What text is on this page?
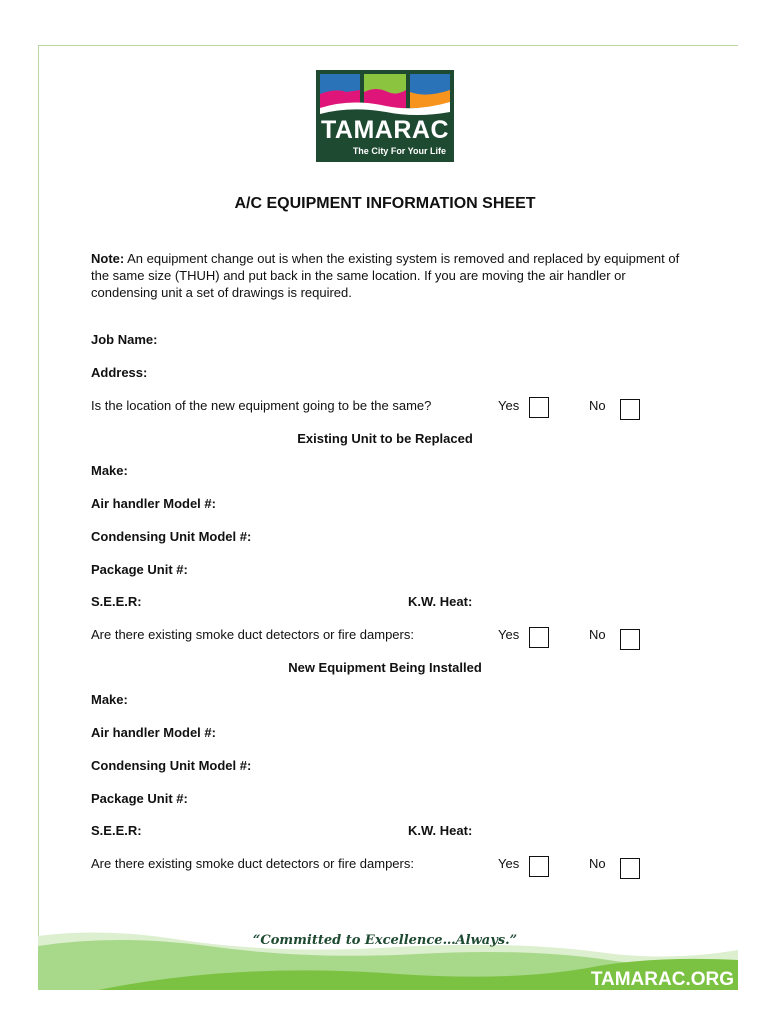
TAMARAC
The City For Your Life
A/C EQUIPMENT INFORMATION SHEET
Note: An equipment change out is when the existing system is removed and replaced by equipment of the same size (THUH) and put back in the same location. If you are moving the air handler or condensing unit a set of drawings is required.
Job Name:
Address:
Is the location of the new equipment going to be the same?	Yes	No
Existing Unit to be Replaced
Make:
Air handler Model #:
Condensing Unit Model #:
Package Unit #:
S.E.E.R:	K.W. Heat:
Are there existing smoke duct detectors or fire dampers:	Yes	No
New Equipment Being Installed
Make:
Air handler Model #:
Condensing Unit Model #:
Package Unit #:
S.E.E.R:	K.W. Heat:
Are there existing smoke duct detectors or fire dampers:	Yes	No
“Committed to Excellence…Always.”
TAMARAC.ORG
